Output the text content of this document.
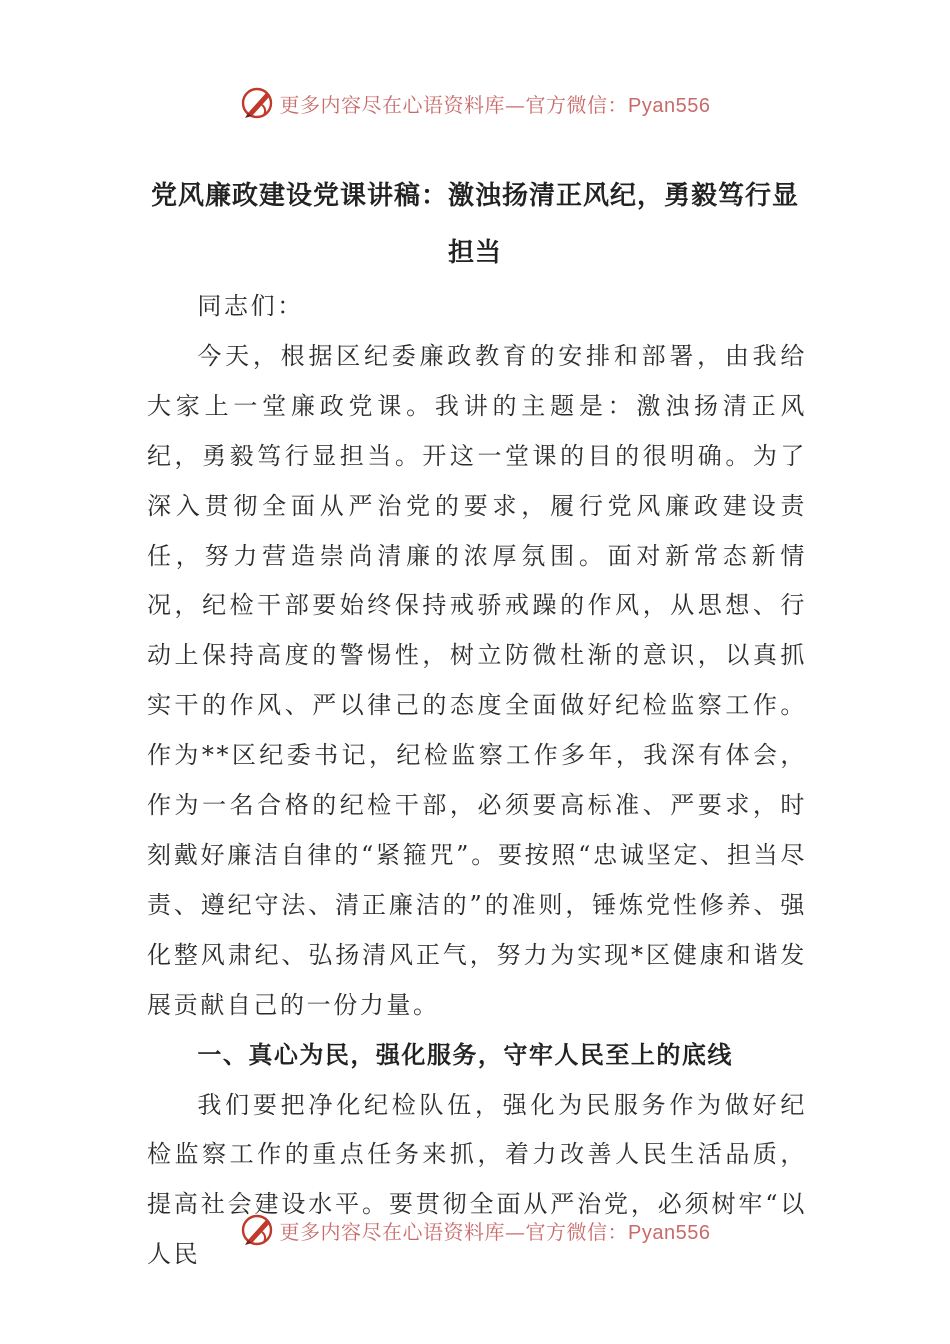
更多内容尽在心语资料库—官方微信：Pyan556
党风廉政建设党课讲稿：激浊扬清正风纪，勇毅笃行显担当

同志们：

今天，根据区纪委廉政教育的安排和部署，由我给大家上一堂廉政党课。我讲的主题是：激浊扬清正风纪，勇毅笃行显担当。开这一堂课的目的很明确。为了深入贯彻全面从严治党的要求，履行党风廉政建设责任，努力营造崇尚清廉的浓厚氛围。面对新常态新情况，纪检干部要始终保持戒骄戒躁的作风，从思想、行动上保持高度的警惕性，树立防微杜渐的意识，以真抓实干的作风、严以律己的态度全面做好纪检监察工作。作为**区纪委书记，纪检监察工作多年，我深有体会，作为一名合格的纪检干部，必须要高标准、严要求，时刻戴好廉洁自律的“紧箍咒”。要按照“忠诚坚定、担当尽责、遵纪守法、清正廉洁的”的准则，锤炼党性修养、强化整风肃纪、弘扬清风正气，努力为实现*区健康和谐发展贡献自己的一份力量。

一、真心为民，强化服务，守牢人民至上的底线

我们要把净化纪检队伍，强化为民服务作为做好纪检监察工作的重点任务来抓，着力改善人民生活品质，提高社会建设水平。要贯彻全面从严治党，必须树牢“以人民

更多内容尽在心语资料库—官方微信：Pyan556
